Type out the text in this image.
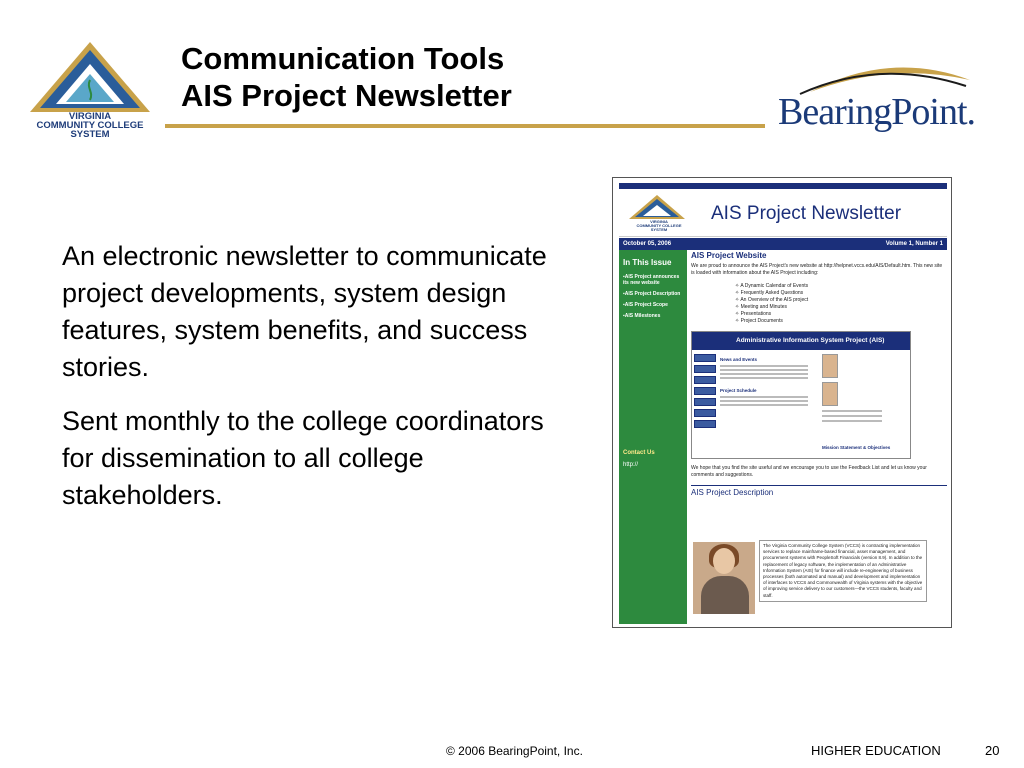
VIRGINIA
COMMUNITY COLLEGE
SYSTEM
Communication Tools
AIS Project Newsletter	BearingPoint.

An electronic newsletter to communicate project developments, system design features, system benefits, and success stories.

Sent monthly to the college coordinators for dissemination to all college stakeholders.

VIRGINIA
COMMUNITY COLLEGE
SYSTEM
AIS Project Newsletter
October 05, 2006	Volume 1, Number 1
In This Issue
▪ AIS Project announces its new website
▪ AIS Project Description
▪ AIS Project Scope
▪ AIS Milestones
Contact Us
http://
AIS Project Website
We are proud to announce the AIS Project's new website at http://helpnet.vccs.edu/AIS/Default.htm. This new site is loaded with information about the AIS Project including:
✧ A Dynamic Calendar of Events
✧ Frequently Asked Questions
✧ An Overview of the AIS project
✧ Meeting and Minutes
✧ Presentations
✧ Project Documents
Administrative Information System Project (AIS)
News and Events
Project Schedule
Mission Statement & Objectives
We hope that you find the site useful and we encourage you to use the Feedback List and let us know your comments and suggestions.
AIS Project Description
The Virginia Community College System (VCCS) is contracting implementation services to replace mainframe-based financial, asset management, and procurement systems with PeopleSoft Financials (version 8.9). In addition to the replacement of legacy software, the implementation of an Administrative Information System (AIS) for finance will include re-engineering of business processes (both automated and manual) and development and implementation of interfaces to VCCS and Commonwealth of Virginia systems with the objective of improving service delivery to our customers—the VCCS students, faculty and staff.
© 2006 BearingPoint, Inc.	HIGHER EDUCATION	20
